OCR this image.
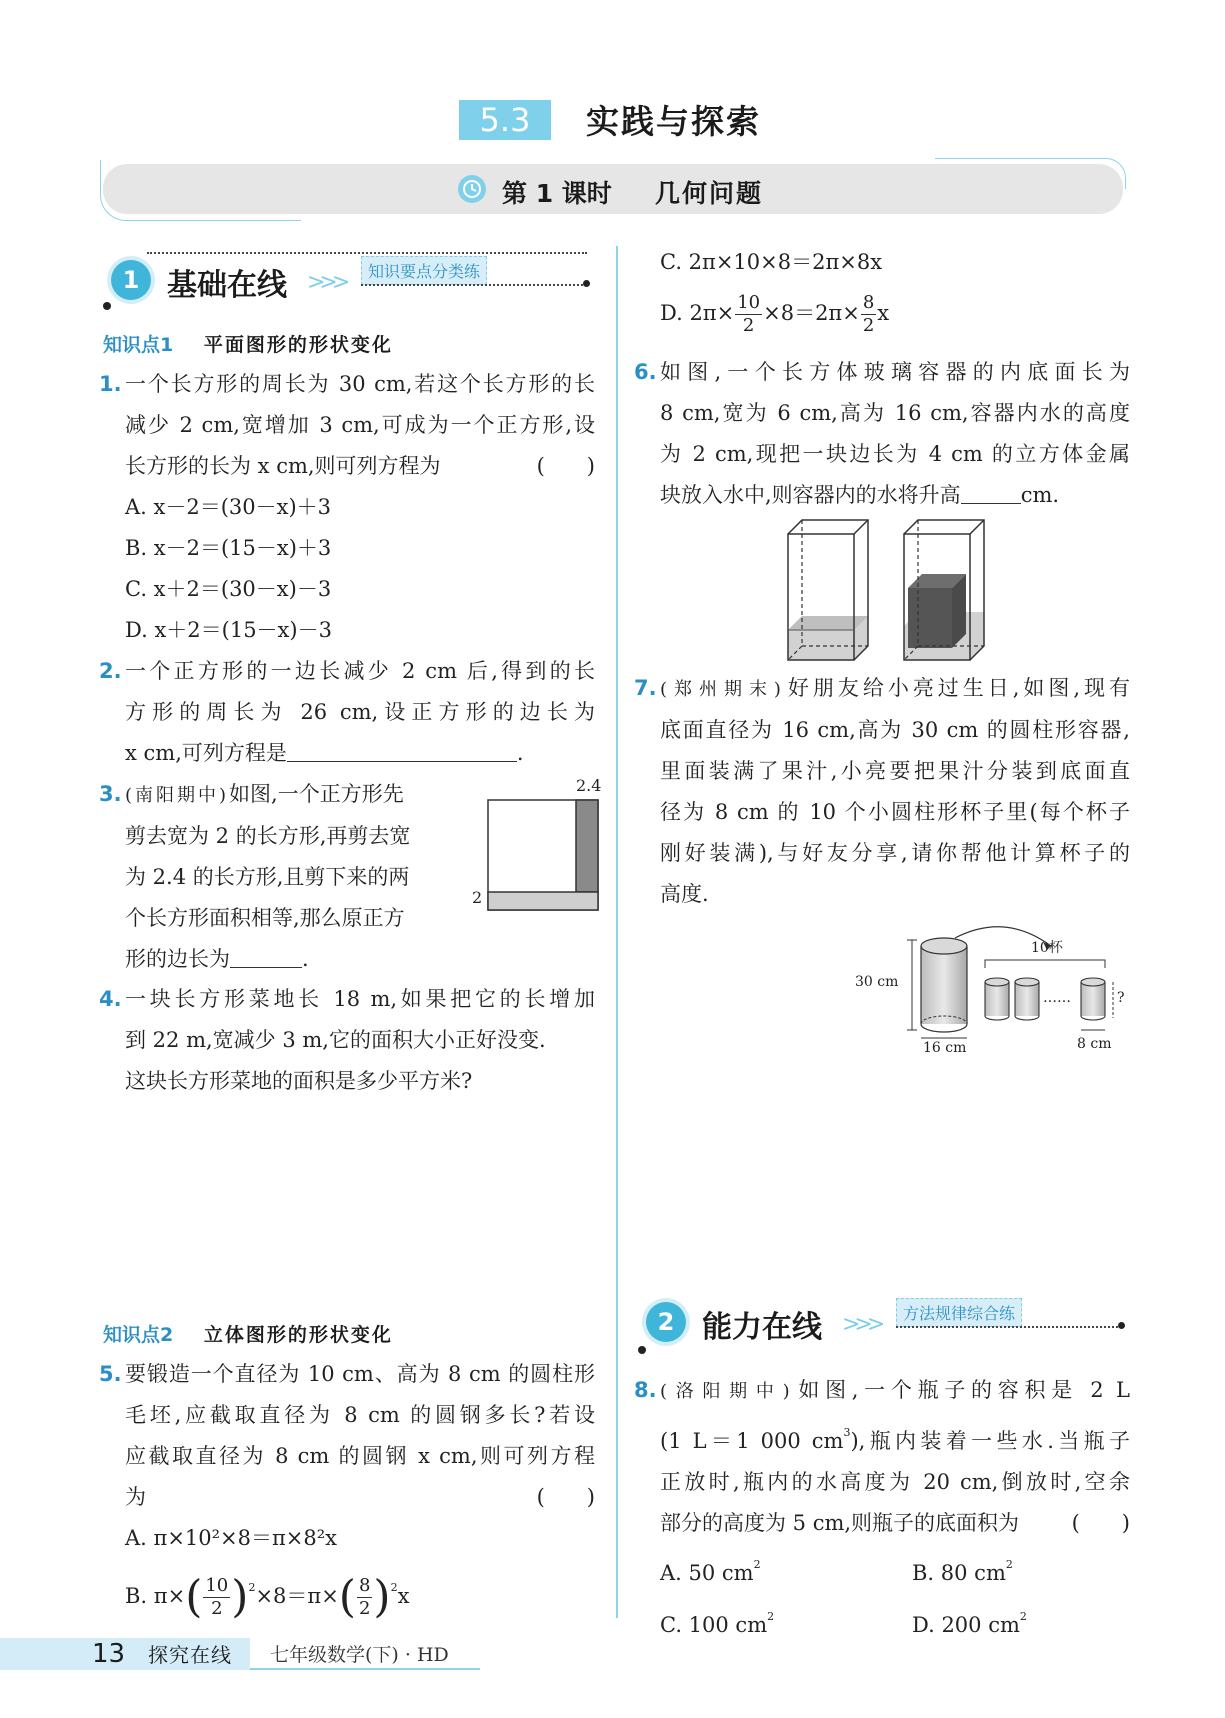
5.3	实践与探索
第 1 课时 几何问题
1 基础在线 >>>	知识要点分类练
知识点1 平面图形的形状变化
1. 一个长方形的周长为 30 cm,若这个长方形的长
减少 2 cm,宽增加 3 cm,可成为一个正方形,设
长方形的长为 x cm,则可列方程为	(　　)
A. x－2＝(30－x)＋3
B. x－2＝(15－x)＋3
C. x＋2＝(30－x)－3
D. x＋2＝(15－x)－3
2. 一个正方形的一边长减少 2 cm 后,得到的长
方形的周长为 26 cm,设正方形的边长为
x cm,可列方程是	.
3. (南阳期中)如图,一个正方形先
剪去宽为 2 的长方形,再剪去宽
为 2.4 的长方形,且剪下来的两
个长方形面积相等,那么原正方
形的边长为	.
2.4
2
4. 一块长方形菜地长 18 m,如果把它的长增加
到 22 m,宽减少 3 m,它的面积大小正好没变.
这块长方形菜地的面积是多少平方米?
知识点2 立体图形的形状变化
5. 要锻造一个直径为 10 cm、高为 8 cm 的圆柱形
毛坯,应截取直径为 8 cm 的圆钢多长?若设
应截取直径为 8 cm 的圆钢 x cm,则可列方程
为	(　　)
A. π×10²×8＝π×8²x
B. $\pi\times( \frac{10}{2} )^2\times 8=\pi\times( \frac{8}{2} )^2x$
C. 2π×10×8＝2π×8x
D. $2\pi\times \frac{10}{2} \times 8=2\pi\times \frac{8}{2}$ x
6. 如图,一个长方体玻璃容器的内底面长为
8 cm,宽为 6 cm,高为 16 cm,容器内水的高度
为 2 cm,现把一块边长为 4 cm 的立方体金属
块放入水中,则容器内的水将升高	cm.
7. (郑州期末)好朋友给小亮过生日,如图,现有
底面直径为 16 cm,高为 30 cm 的圆柱形容器,
里面装满了果汁,小亮要把果汁分装到底面直
径为 8 cm 的 10 个小圆柱形杯子里(每个杯子
刚好装满),与好友分享,请你帮他计算杯子的
高度.
30 cm
16 cm
10杯
……	?
8 cm
2 能力在线 >>>	方法规律综合练
8. (洛阳期中)如图,一个瓶子的容积是 2 L
(1 L＝1 000 $cm^3$),瓶内装着一些水.当瓶子
正放时,瓶内的水高度为 20 cm,倒放时,空余
部分的高度为 5 cm,则瓶子的底面积为	(　　)
A. 50 $cm^2$	B. 80 $cm^2$
C. 100 $cm^2$	D. 200 $cm^2$
13 探究在线 七年级数学(下) · HD
